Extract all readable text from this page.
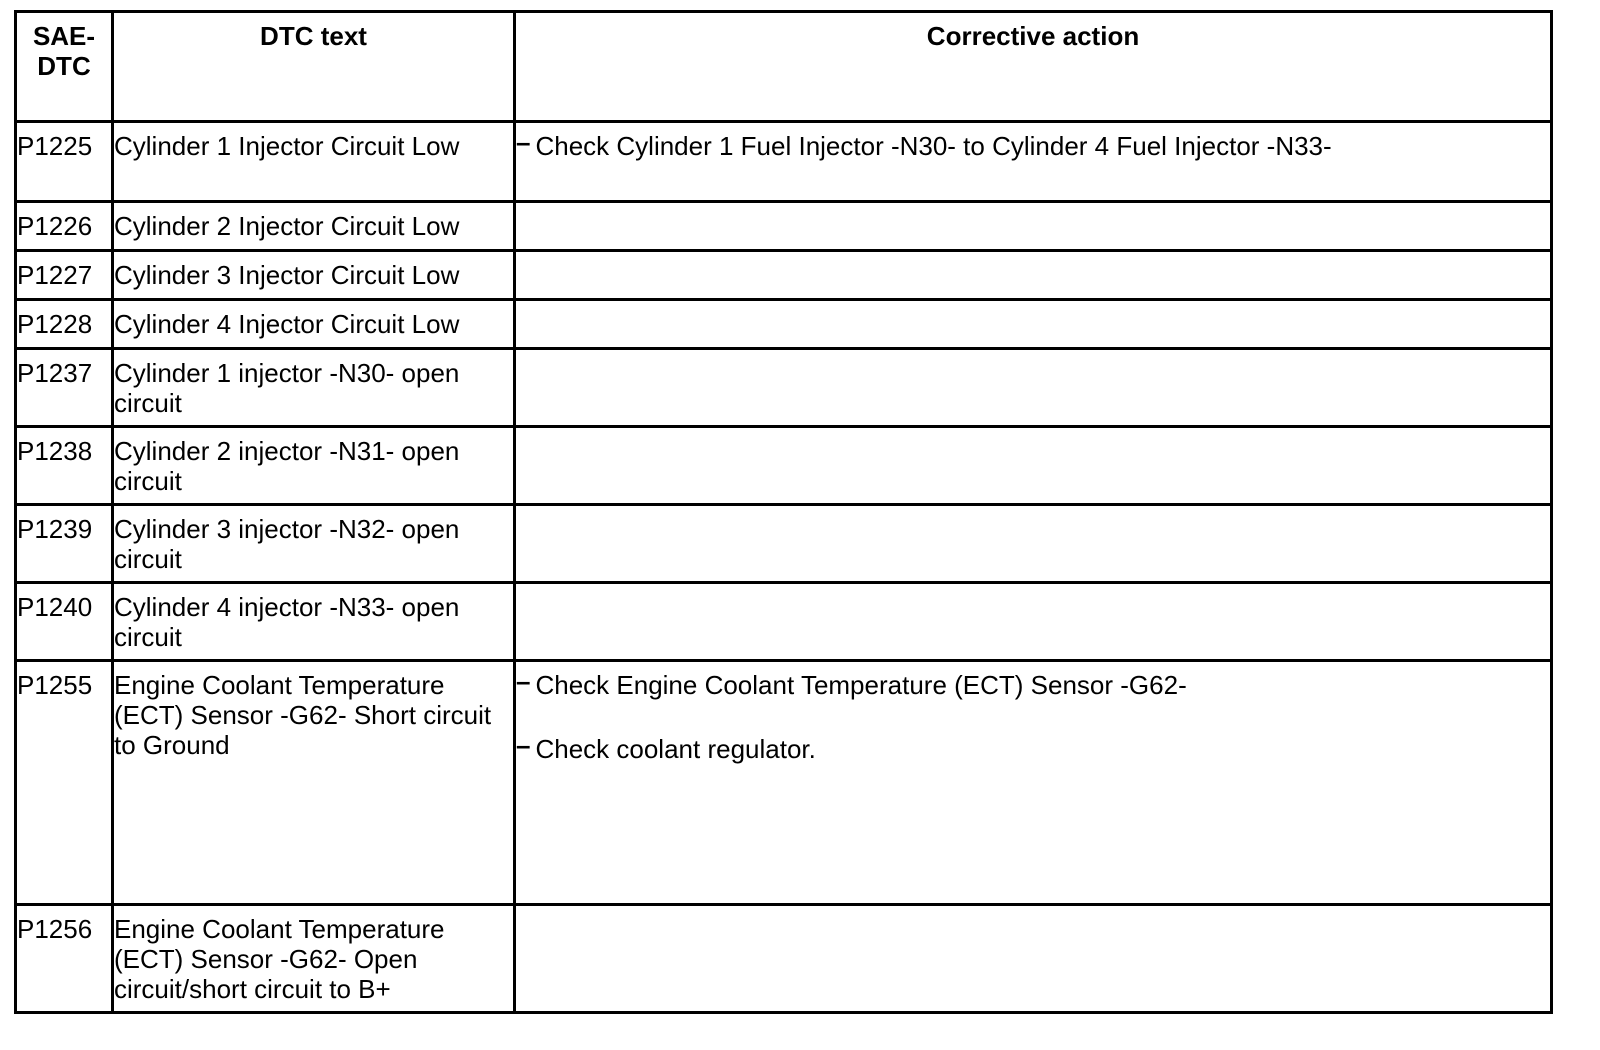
SAE-
DTC	DTC text	Corrective action
P1225	Cylinder 1 Injector Circuit Low	– Check Cylinder 1 Fuel Injector -N30- to Cylinder 4 Fuel Injector -N33-

P1226	Cylinder 2 Injector Circuit Low	
P1227	Cylinder 3 Injector Circuit Low	
P1228	Cylinder 4 Injector Circuit Low	
P1237	Cylinder 1 injector -N30- open circuit	
P1238	Cylinder 2 injector -N31- open circuit	
P1239	Cylinder 3 injector -N32- open circuit	
P1240	Cylinder 4 injector -N33- open circuit	
P1255	Engine Coolant Temperature (ECT) Sensor -G62- Short circuit to Ground	– Check Engine Coolant Temperature (ECT) Sensor -G62-
– Check coolant regulator.

P1256	Engine Coolant Temperature (ECT) Sensor -G62- Open circuit/short circuit to B+	
